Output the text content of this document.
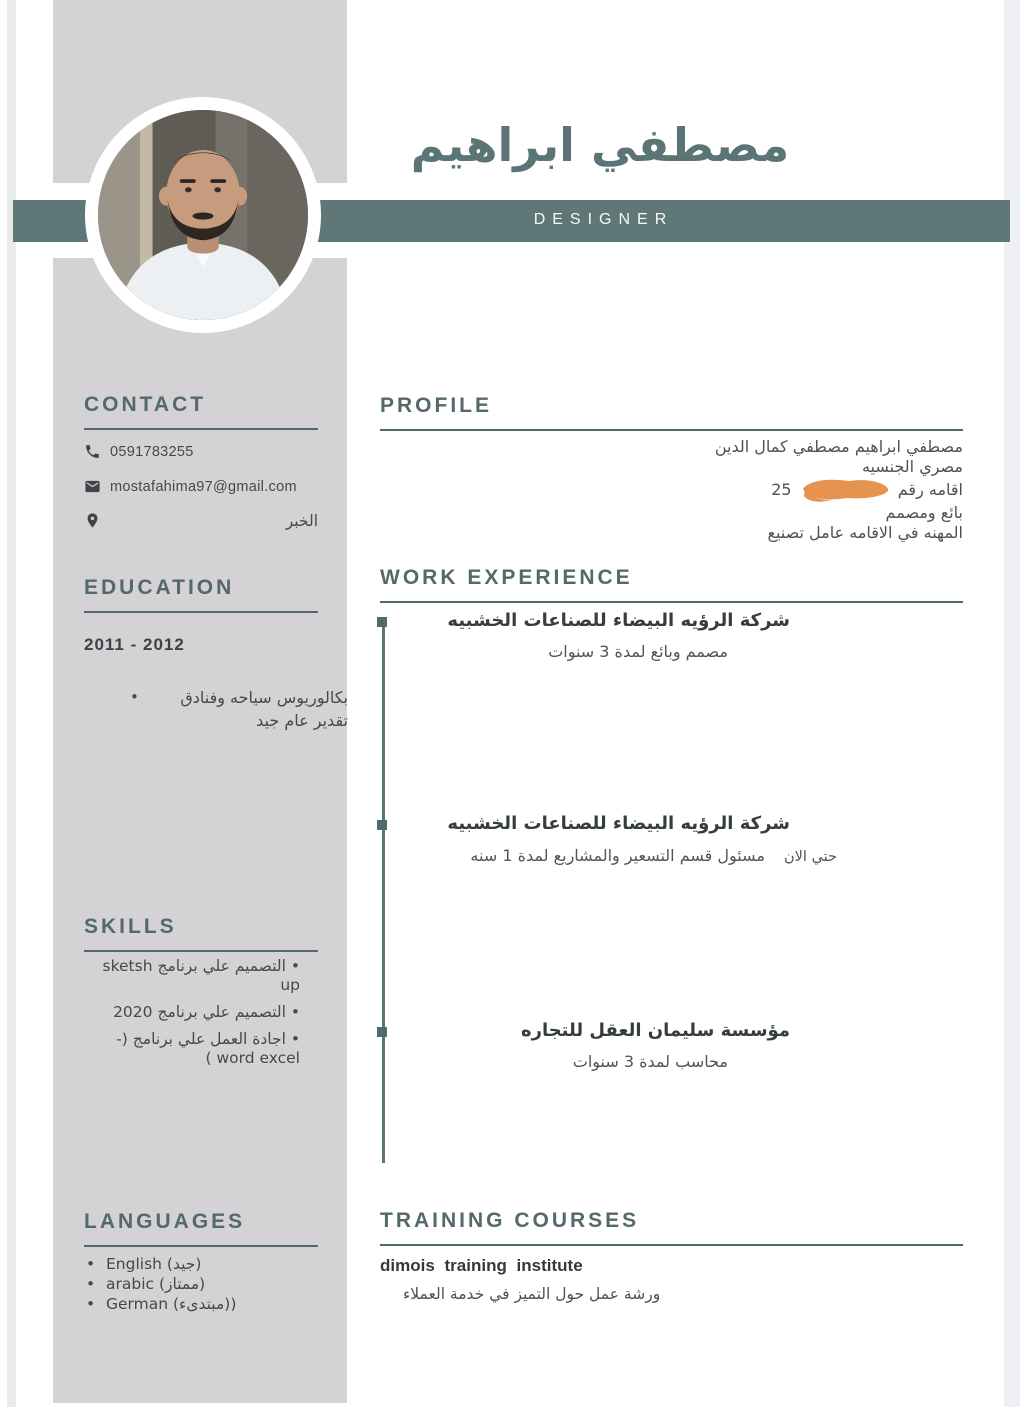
مصطفي ابراهيم
DESIGNER
CONTACT
0591783255
mostafahima97@gmail.com
الخبر
EDUCATION
2011 - 2012
•	بكالوريوس سياحه وفنادق تقدير عام جيد
SKILLS
• التصميم علي برنامج sketsh up
• التصميم علي برنامج 2020
• اجادة العمل علي برنامج (- word excel )
LANGUAGES
• English (جيد)
• arabic (ممتاز)
• German (مبتدىء))
PROFILE
مصطفي ابراهيم مصطفي كمال الدين
مصري الجنسيه
اقامه رقم  25
بائع ومصمم
المهنه في الاقامه عامل تصنيع
WORK EXPERIENCE
شركة الرؤيه البيضاء للصناعات الخشبيه
مصمم وبائع لمدة 3 سنوات
شركة الرؤيه البيضاء للصناعات الخشبيه
حتي الان مسئول قسم التسعير والمشاريع لمدة 1 سنه
مؤسسة سليمان العقل للتجاره
محاسب لمدة 3 سنوات
TRAINING COURSES
dimois training institute
ورشة عمل حول التميز في خدمة العملاء
